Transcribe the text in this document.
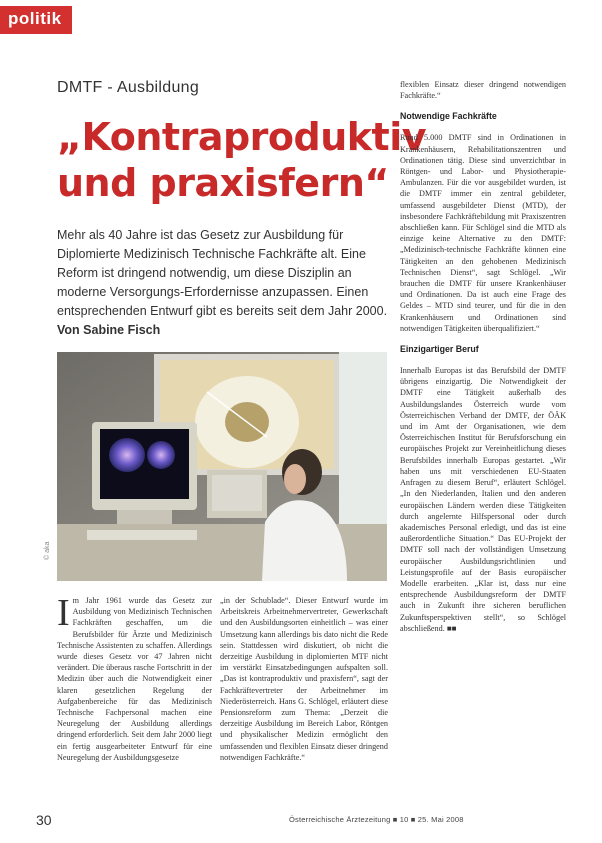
politik
DMTF - Ausbildung
„Kontraproduktiv und praxisfern“
Mehr als 40 Jahre ist das Gesetz zur Ausbildung für Diplomierte Medizinisch Technische Fachkräfte alt. Eine Reform ist dringend notwendig, um diese Disziplin an moderne Versorgungs-Erfordernisse anzupassen. Einen entsprechenden Entwurf gibt es bereits seit dem Jahr 2000. Von Sabine Fisch
© aka

Im Jahr 1961 wurde das Gesetz zur Ausbildung von Medizinisch Technischen Fachkräften geschaffen, um die Berufsbilder für Ärzte und Medizinisch Technische Assistenten zu schaffen. Allerdings wurde dieses Gesetz vor 47 Jahren nicht verändert. Die überaus rasche Fortschritt in der Medizin über auch die Notwendigkeit einer klaren gesetzlichen Regelung der Aufgabenbereiche für das Medizinisch Technische Fachpersonal machen eine Neuregelung der Ausbildung allerdings dringend erforderlich. Seit dem Jahr 2000 liegt ein fertig ausgearbeiteter Entwurf für eine Neuregelung der Ausbildungsgesetze

„in der Schublade“. Dieser Entwurf wurde im Arbeitskreis Arbeitnehmervertreter, Gewerkschaft und den Ausbildungsorten einheitlich – was einer Umsetzung kann allerdings bis dato nicht die Rede sein. Stattdessen wird diskutiert, ob nicht die derzeitige Ausbildung in diplomierten MTF nicht im verstärkt Einsatzbedingungen aufspalten soll. „Das ist kontraproduktiv und praxisfern“, sagt der Fachkräftevertreter der Arbeitnehmer im Niederösterreich. Hans G. Schlögel, erläutert diese Pensionsreform zum Thema: „Derzeit die derzeitige Ausbildung im Bereich Labor, Röntgen und physikalischer Medizin ermöglicht den umfassenden und flexiblen Einsatz dieser dringend notwendigen Fachkräfte.“

flexiblen Einsatz dieser dringend notwendigen Fachkräfte.“

Notwendige Fachkräfte

Rund 5.000 DMTF sind in Ordinationen in Krankenhäusern, Rehabilitationszentren und Ordinationen tätig. Diese sind unverzichtbar in Röntgen- und Labor- und Physiotherapie-Ambulanzen. Für die vor ausgebildet wurden, ist die DMTF immer ein zentral gebildeter, umfassend ausgebildeter Dienst (MTD), der insbesondere Fachkräftebildung mit Praxiszentren abschließen kann. Für Schlögel sind die MTD als einzige keine Alternative zu den DMTF: „Medizinisch-technische Fachkräfte können eine Tätigkeiten an den gehobenen Medizinisch Technischen Dienst“, sagt Schlögel. „Wir brauchen die DMTF für unsere Krankenhäuser und Ordinationen. Da ist auch eine Frage des Geldes – MTD sind teurer, und für die in den Krankenhäusern und Ordinationen sind notwendigen Tätigkeiten überqualifiziert.“

Einzigartiger Beruf

Innerhalb Europas ist das Berufsbild der DMTF übrigens einzigartig. Die Notwendigkeit der DMTF eine Tätigkeit außerhalb des Ausbildungslandes Österreich wurde vom Österreichischen Verband der DMTF, der ÖÄK und im Amt der Organisationen, wie dem Österreichischen Institut für Berufsforschung ein europäisches Projekt zur Vereinheitlichung dieses Berufsbildes innerhalb Europas gestartet. „Wir haben uns mit verschiedenen EU-Staaten Anfragen zu diesem Beruf“, erläutert Schlögel. „In den Niederlanden, Italien und den anderen europäischen Ländern werden diese Tätigkeiten durch angelernte Hilfspersonal oder durch akademisches Personal erledigt, und das ist eine außerordentliche Situation.“ Das EU-Projekt der DMTF soll nach der vollständigen Umsetzung europäischer Ausbildungsrichtlinien und Leistungsprofile auf der Basis europäischer Modelle erarbeiten. „Klar ist, dass nur eine entsprechende Ausbildungsreform der DMTF auch in Zukunft ihre sicheren beruflichen Zukunftsperspektiven stellt“, so Schlögel abschließend. ■■

30	Österreichische Ärztezeitung ■ 10 ■ 25. Mai 2008
